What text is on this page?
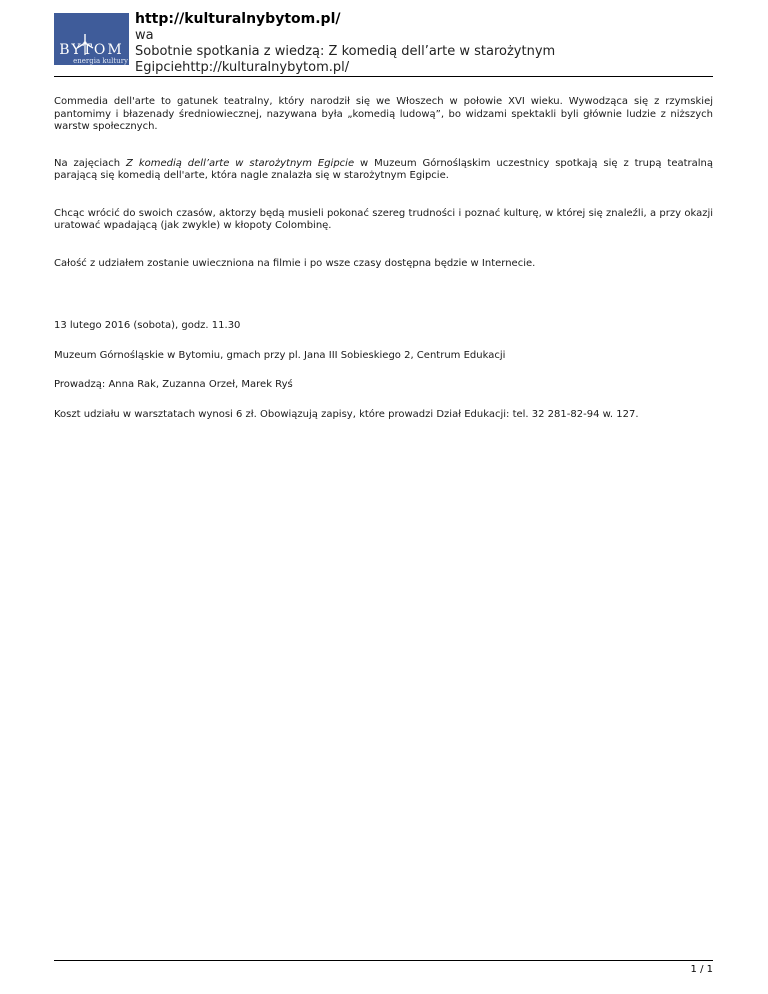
BYTOM
energia kultury

http://kulturalnybytom.pl/

wa

Sobotnie spotkania z wiedzą: Z komedią dell’arte w starożytnym

Egipciehttp://kulturalnybytom.pl/

Commedia dell'arte to gatunek teatralny, który narodził się we Włoszech w połowie XVI wieku. Wywodząca się z rzymskiej pantomimy i błazenady średniowiecznej, nazywana była „komedią ludową”, bo widzami spektakli byli głównie ludzie z niższych warstw społecznych.

Na zajęciach Z komedią dell’arte w starożytnym Egipcie w Muzeum Górnośląskim uczestnicy spotkają się z trupą teatralną parającą się komedią dell'arte, która nagle znalazła się w starożytnym Egipcie.

Chcąc wrócić do swoich czasów, aktorzy będą musieli pokonać szereg trudności i poznać kulturę, w której się znaleźli, a przy okazji uratować wpadającą (jak zwykle) w kłopoty Colombinę.

Całość z udziałem zostanie uwieczniona na filmie i po wsze czasy dostępna będzie w Internecie.

13 lutego 2016 (sobota), godz. 11.30

Muzeum Górnośląskie w Bytomiu, gmach przy pl. Jana III Sobieskiego 2, Centrum Edukacji

Prowadzą: Anna Rak, Zuzanna Orzeł, Marek Ryś

Koszt udziału w warsztatach wynosi 6 zł. Obowiązują zapisy, które prowadzi Dział Edukacji: tel. 32 281-82-94 w. 127.

1 / 1
